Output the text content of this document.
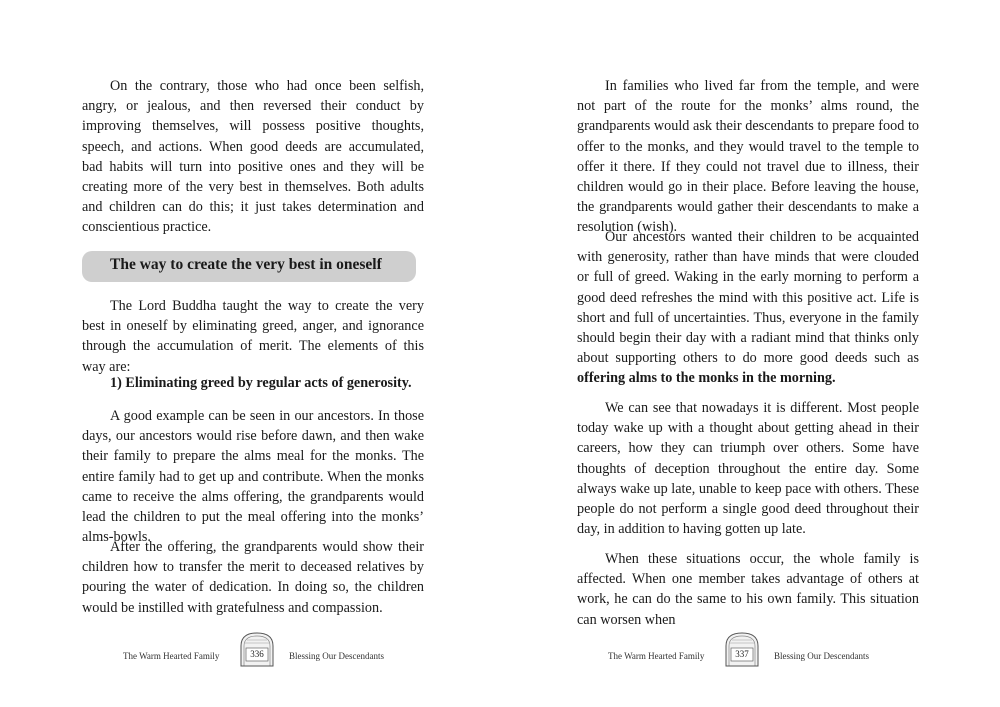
On the contrary, those who had once been selfish, angry, or jealous, and then reversed their conduct by improving themselves, will possess positive thoughts, speech, and actions. When good deeds are accumulated, bad habits will turn into positive ones and they will be creating more of the very best in themselves. Both adults and children can do this; it just takes determination and conscientious practice.

The way to create the very best in oneself

The Lord Buddha taught the way to create the very best in oneself by eliminating greed, anger, and ignorance through the accumulation of merit. The elements of this way are:

1) Eliminating greed by regular acts of generosity.

A good example can be seen in our ancestors. In those days, our ancestors would rise before dawn, and then wake their family to prepare the alms meal for the monks. The entire family had to get up and contribute. When the monks came to receive the alms offering, the grandparents would lead the children to put the meal offering into the monks’ alms-bowls.

After the offering, the grandparents would show their children how to transfer the merit to deceased relatives by pouring the water of dedication. In doing so, the children would be instilled with gratefulness and compassion.

The Warm Hearted Family	336	Blessing Our Descendants

In families who lived far from the temple, and were not part of the route for the monks’ alms round, the grandparents would ask their descendants to prepare food to offer to the monks, and they would travel to the temple to offer it there. If they could not travel due to illness, their children would go in their place. Before leaving the house, the grandparents would gather their descendants to make a resolution (wish).

Our ancestors wanted their children to be acquainted with generosity, rather than have minds that were clouded or full of greed. Waking in the early morning to perform a good deed refreshes the mind with this positive act. Life is short and full of uncertainties. Thus, everyone in the family should begin their day with a radiant mind that thinks only about supporting others to do more good deeds such as offering alms to the monks in the morning.

We can see that nowadays it is different. Most people today wake up with a thought about getting ahead in their careers, how they can triumph over others. Some have thoughts of deception throughout the entire day. Some always wake up late, unable to keep pace with others. These people do not perform a single good deed throughout their day, in addition to having gotten up late.

When these situations occur, the whole family is affected. When one member takes advantage of others at work, he can do the same to his own family. This situation can worsen when

The Warm Hearted Family	337	Blessing Our Descendants
